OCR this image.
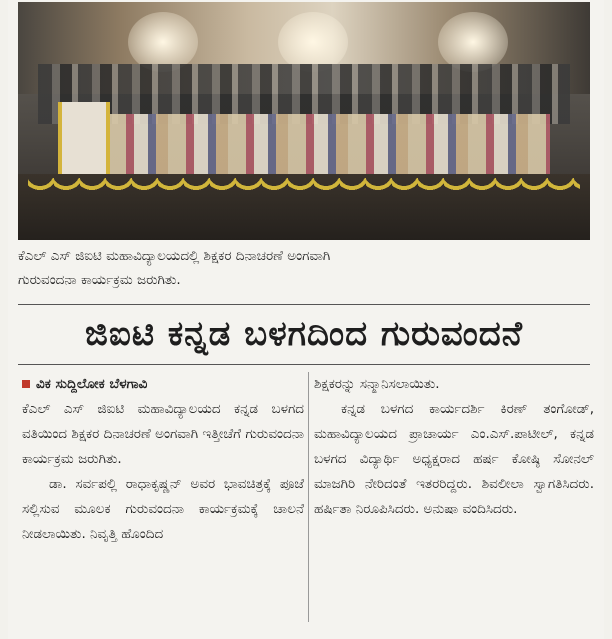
ಕೆಎಲ್ ಎಸ್ ಜಿಐಟಿ ಮಹಾವಿದ್ಯಾಲಯದಲ್ಲಿ ಶಿಕ್ಷಕರ ದಿನಾಚರಣೆ ಅಂಗವಾಗಿ
ಗುರುವಂದನಾ ಕಾರ್ಯಕ್ರಮ ಜರುಗಿತು.
ಜಿಐಟಿ ಕನ್ನಡ ಬಳಗದಿಂದ ಗುರುವಂದನೆ

ವಿಕ ಸುದ್ದಿಲೋಕ ಬೆಳಗಾವಿ

ಕೆಎಲ್ ಎಸ್ ಜಿಐಟಿ ಮಹಾವಿದ್ಯಾಲಯದ ಕನ್ನಡ ಬಳಗದ ವತಿಯಿಂದ ಶಿಕ್ಷಕರ ದಿನಾಚರಣೆ ಅಂಗವಾಗಿ ಇತ್ತೀಚೆಗೆ ಗುರುವಂದನಾ ಕಾರ್ಯಕ್ರಮ ಜರುಗಿತು.

ಡಾ. ಸರ್ವಪಲ್ಲಿ ರಾಧಾಕೃಷ್ಣನ್ ಅವರ ಭಾವಚಿತ್ರಕ್ಕೆ ಪೂಜೆ ಸಲ್ಲಿಸುವ ಮೂಲಕ ಗುರುವಂದನಾ ಕಾರ್ಯಕ್ರಮಕ್ಕೆ ಚಾಲನೆ ನೀಡಲಾಯಿತು. ನಿವೃತ್ತಿ ಹೊಂದಿದ

ಶಿಕ್ಷಕರನ್ನು ಸನ್ಮಾನಿಸಲಾಯಿತು.

ಕನ್ನಡ ಬಳಗದ ಕಾರ್ಯದರ್ಶಿ ಕಿರಣ್ ತಂಗೋಡ್, ಮಹಾವಿದ್ಯಾಲಯದ ಪ್ರಾಚಾರ್ಯ ಎಂ.ಎಸ್.ಪಾಟೀಲ್, ಕನ್ನಡ ಬಳಗದ ವಿದ್ಯಾರ್ಥಿ ಅಧ್ಯಕ್ಷರಾದ ಹರ್ಷ ಕೋಷ್ಠಿ ಸೋನಲ್ ಮಾಜಗಿರಿ ನೇರಿದಂತೆ ಇತರರಿದ್ದರು. ಶಿವಲೀಲಾ ಸ್ವಾಗತಿಸಿದರು. ಹರ್ಷಿತಾ ನಿರೂಪಿಸಿದರು. ಅನುಷಾ ವಂದಿಸಿದರು.
